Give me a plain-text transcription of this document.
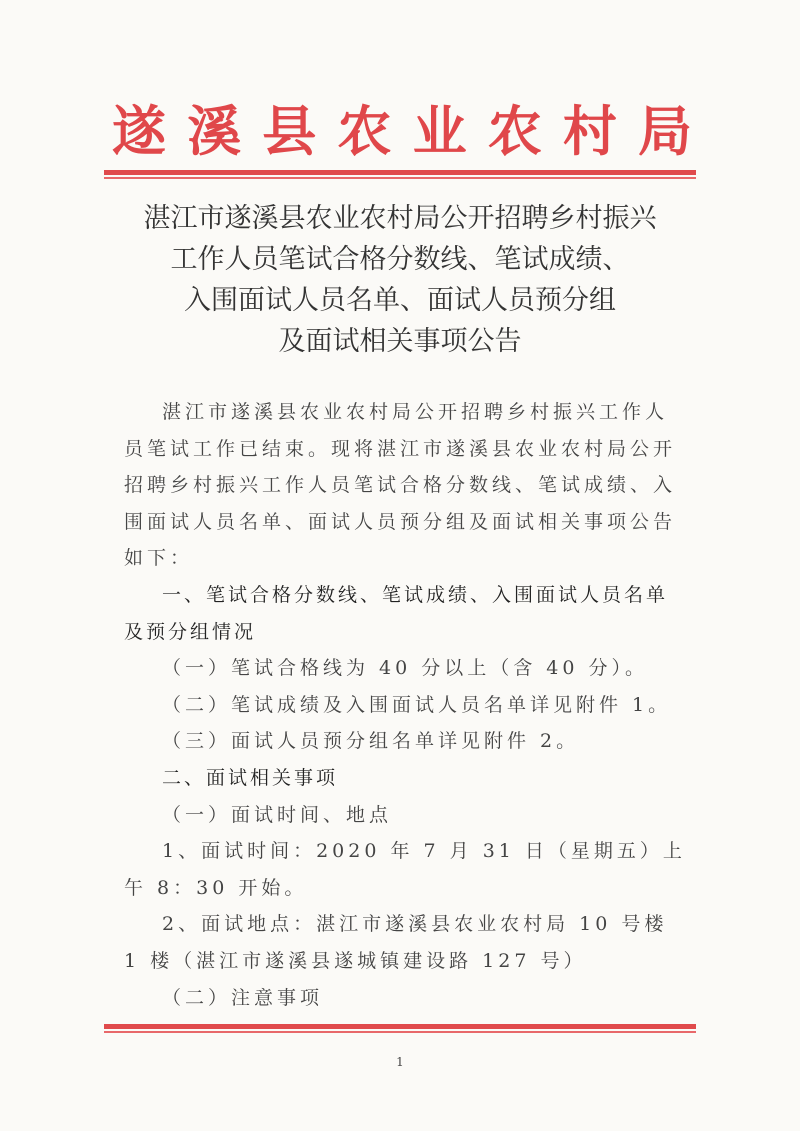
遂 溪 县 农 业 农 村 局
湛江市遂溪县农业农村局公开招聘乡村振兴
工作人员笔试合格分数线、笔试成绩、
入围面试人员名单、面试人员预分组
及面试相关事项公告

湛江市遂溪县农业农村局公开招聘乡村振兴工作人员笔试工作已结束。现将湛江市遂溪县农业农村局公开招聘乡村振兴工作人员笔试合格分数线、笔试成绩、入围面试人员名单、面试人员预分组及面试相关事项公告如下：

一、笔试合格分数线、笔试成绩、入围面试人员名单及预分组情况

（一）笔试合格线为 40 分以上（含 40 分）。

（二）笔试成绩及入围面试人员名单详见附件 1。

（三）面试人员预分组名单详见附件 2。

二、面试相关事项

（一）面试时间、地点

1、面试时间：2020 年 7 月 31 日（星期五）上午 8：30 开始。

2、面试地点：湛江市遂溪县农业农村局 10 号楼 1 楼（湛江市遂溪县遂城镇建设路 127 号）

（二）注意事项

1
